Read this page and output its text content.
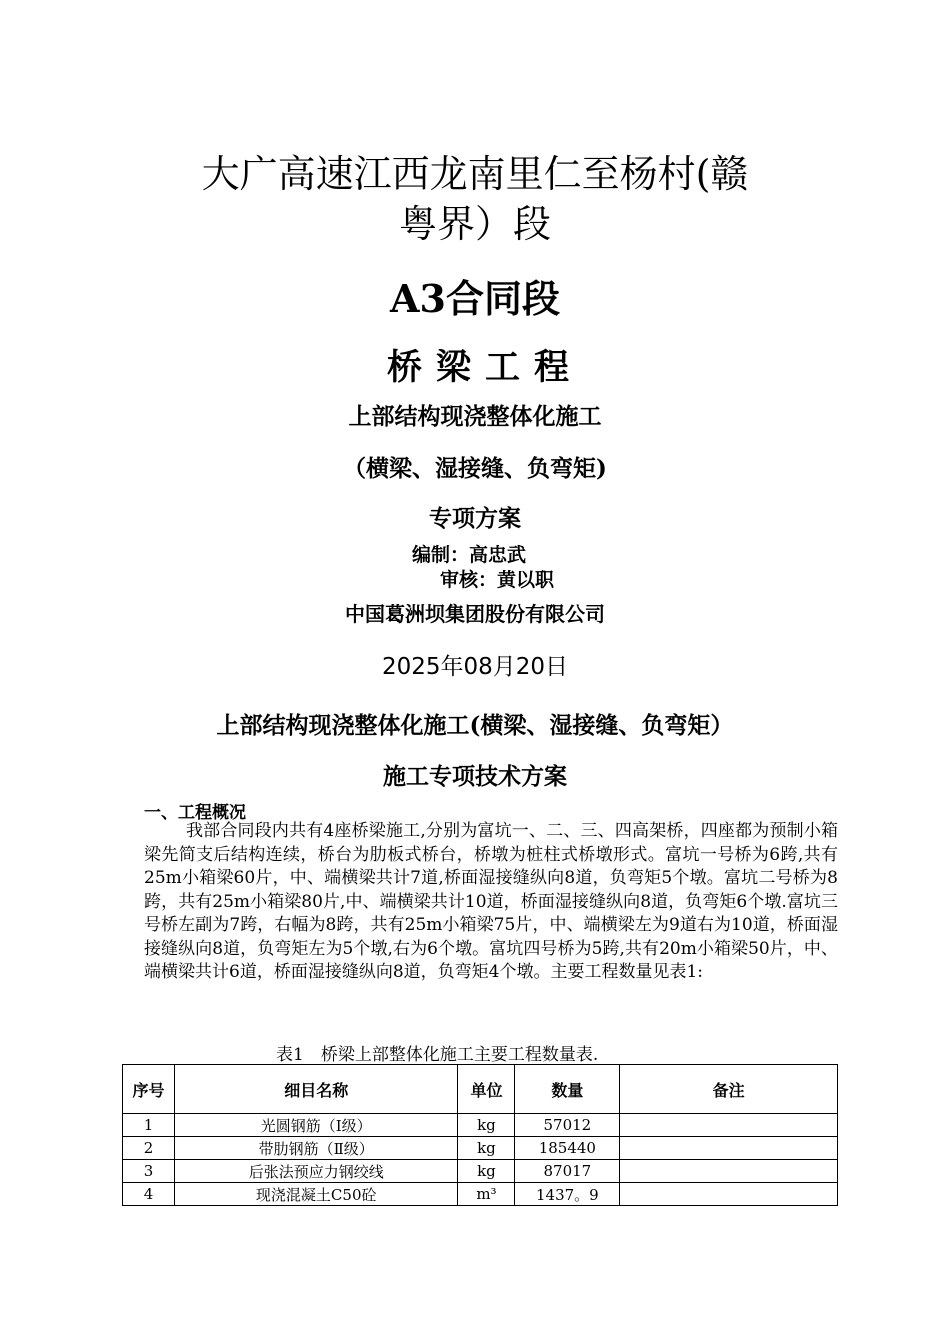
大广高速江西龙南里仁至杨村(赣
粤界）段
A3合同段
桥梁工程
上部结构现浇整体化施工
（横梁、湿接缝、负弯矩)
专项方案
编制：高忠武
审核：黄以职
中国葛洲坝集团股份有限公司
2025年08月20日
上部结构现浇整体化施工(横梁、湿接缝、负弯矩）
施工专项技术方案
一、工程概况
我部合同段内共有4座桥梁施工,分别为富坑一、二、三、四高架桥，四座都为预制小箱梁先简支后结构连续，桥台为肋板式桥台，桥墩为桩柱式桥墩形式。富坑一号桥为6跨,共有25m小箱梁60片，中、端横梁共计7道,桥面湿接缝纵向8道，负弯矩5个墩。富坑二号桥为8跨，共有25m小箱梁80片,中、端横梁共计10道，桥面湿接缝纵向8道，负弯矩6个墩.富坑三号桥左副为7跨，右幅为8跨，共有25m小箱梁75片，中、端横梁左为9道右为10道，桥面湿接缝纵向8道，负弯矩左为5个墩,右为6个墩。富坑四号桥为5跨,共有20m小箱梁50片，中、端横梁共计6道，桥面湿接缝纵向8道，负弯矩4个墩。主要工程数量见表1:
表1　桥梁上部整体化施工主要工程数量表.
序号	细目名称	单位	数量	备注
1	光圆钢筋（Ⅰ级）	kg	57012	
2	带肋钢筋（Ⅱ级）	kg	185440	
3	后张法预应力钢绞线	kg	87017	
4	现浇混凝土C50砼	m³	1437。9	
